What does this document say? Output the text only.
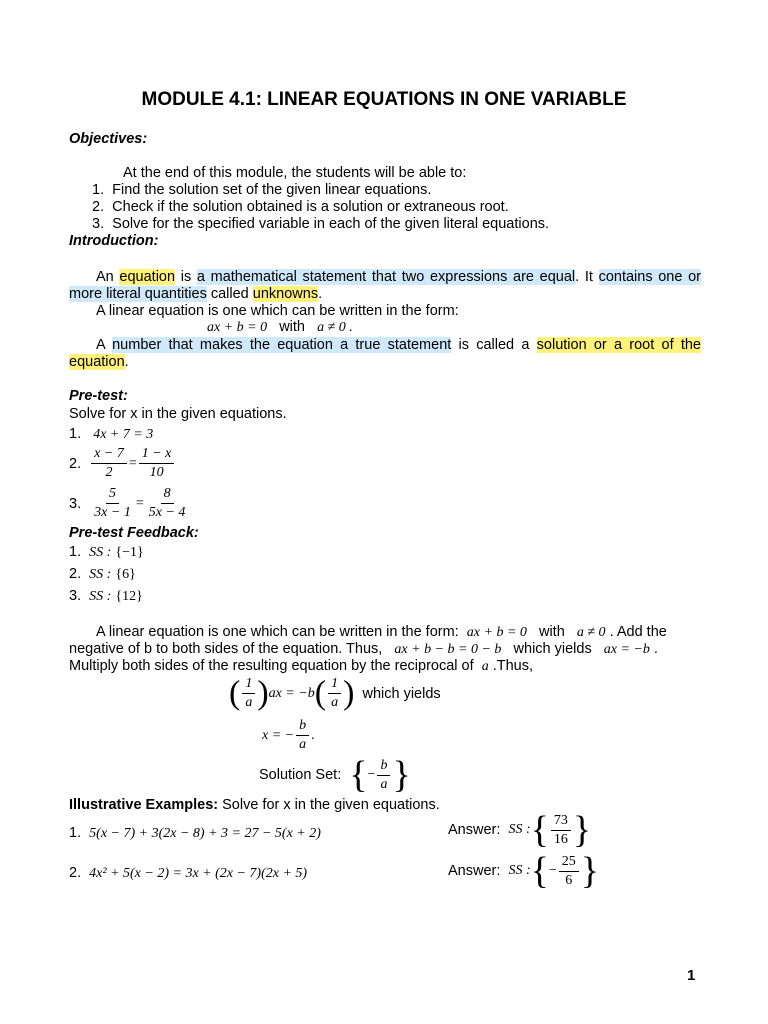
MODULE 4.1: LINEAR EQUATIONS IN ONE VARIABLE
Objectives:
At the end of this module, the students will be able to:
1.  Find the solution set of the given linear equations.
2.  Check if the solution obtained is a solution or extraneous root.
3.  Solve for the specified variable in each of the given literal equations.
Introduction:
An equation is a mathematical statement that two expressions are equal. It contains one or more literal quantities called unknowns.
A linear equation is one which can be written in the form:
ax + b = 0 with a ≠ 0 .
A number that makes the equation a true statement is called a solution or a root of the equation.
Pre-test:
Solve for x in the given equations.
1. 4x + 7 = 3
2. $\frac{x - 7}{2} = \frac{1 - x}{10}$
3. $\frac{5}{3x - 1} = \frac{8}{5x - 4}$
Pre-test Feedback:
1. SS : {−1}
2. SS : {6}
3. SS : {12}
A linear equation is one which can be written in the form: ax + b = 0 with a ≠ 0 . Add the
negative of b to both sides of the equation. Thus, ax + b − b = 0 − b which yields ax = −b .
Multiply both sides of the resulting equation by the reciprocal of a .Thus,
( $\frac{1}{a} )ax = -b( \frac{1}{a}$ ) which yields
x = − $\frac{b}{a}$ .
Solution Set: {− $\frac{b}{a}$ }
Illustrative Examples: Solve for x in the given equations.
1. 5(x − 7) + 3(2x − 8) + 3 = 27 − 5(x + 2)	Answer: SS :{ $\frac{73}{16}$ }
2. 4x² + 5(x − 2) = 3x + (2x − 7)(2x + 5)	Answer: SS :{− $\frac{25}{6}$ }
1
